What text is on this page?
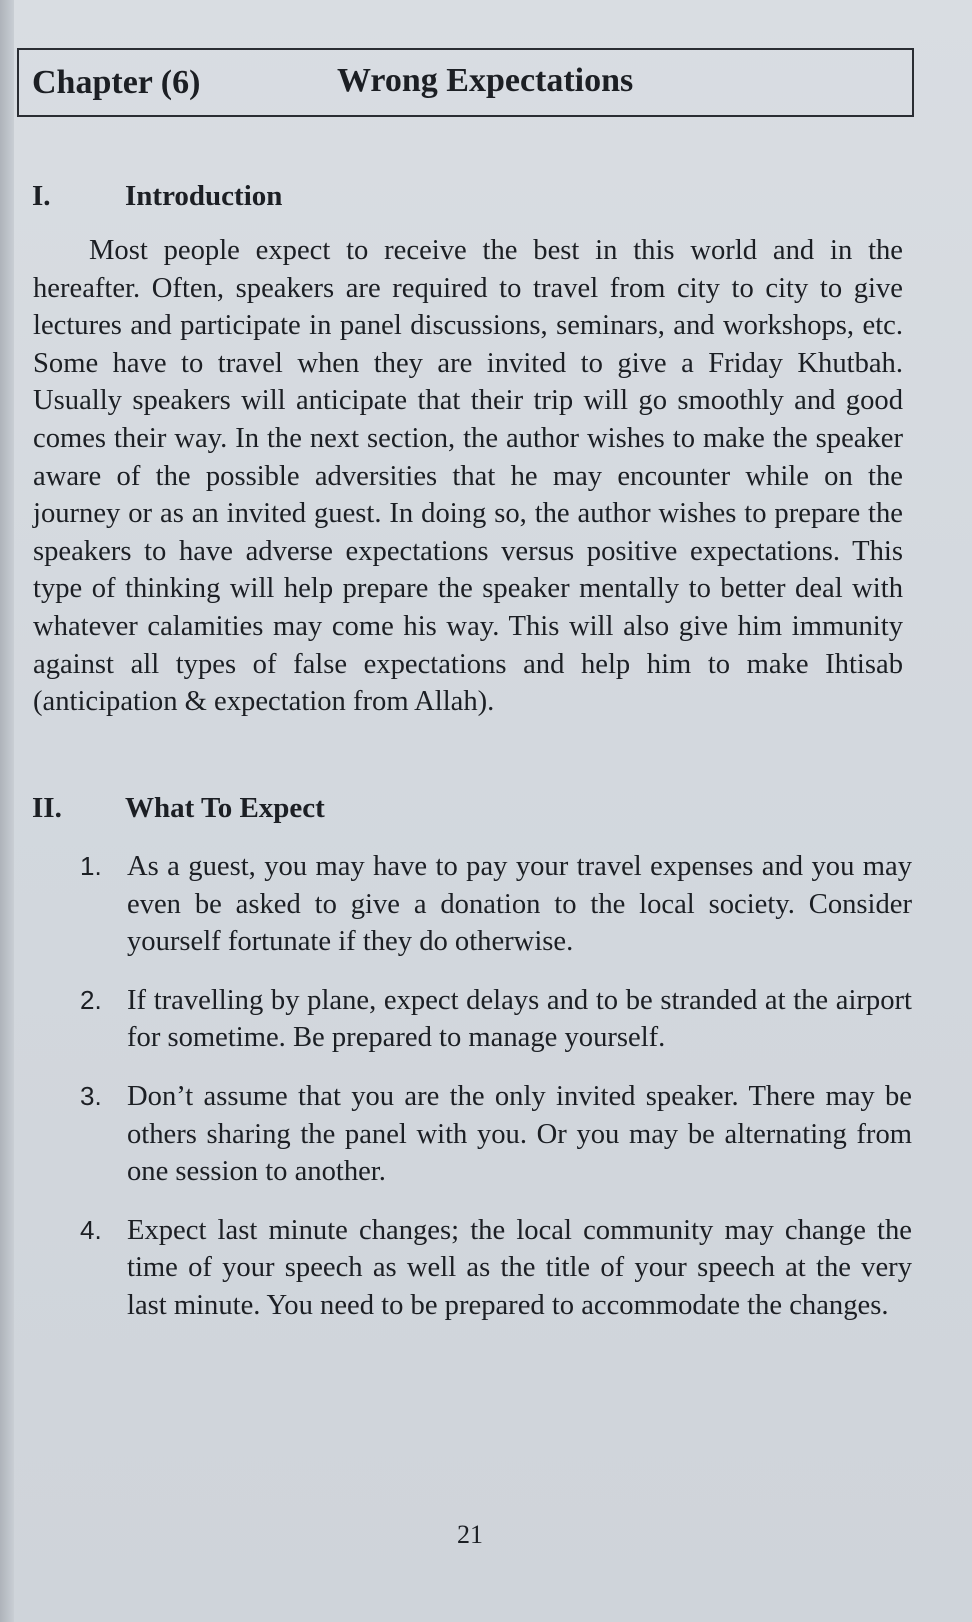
Chapter (6)	Wrong Expectations
I.	Introduction

Most people expect to receive the best in this world and in the hereafter. Often, speakers are required to travel from city to city to give lectures and participate in panel discussions, seminars, and workshops, etc. Some have to travel when they are invited to give a Friday Khutbah. Usually speakers will anticipate that their trip will go smoothly and good comes their way. In the next section, the author wishes to make the speaker aware of the possible adversities that he may encounter while on the journey or as an invited guest. In doing so, the author wishes to prepare the speakers to have adverse expectations versus positive expectations. This type of thinking will help prepare the speaker mentally to better deal with whatever calamities may come his way. This will also give him immunity against all types of false expectations and help him to make Ihtisab (anticipation & expectation from Allah).

II. What To Expect
1. As a guest, you may have to pay your travel expenses and you may even be asked to give a donation to the local society. Consider yourself fortunate if they do otherwise.
2. If travelling by plane, expect delays and to be stranded at the airport for sometime. Be prepared to manage yourself.
3. Don’t assume that you are the only invited speaker. There may be others sharing the panel with you. Or you may be alternating from one session to another.
4. Expect last minute changes; the local community may change the time of your speech as well as the title of your speech at the very last minute. You need to be prepared to accommodate the changes.
21
